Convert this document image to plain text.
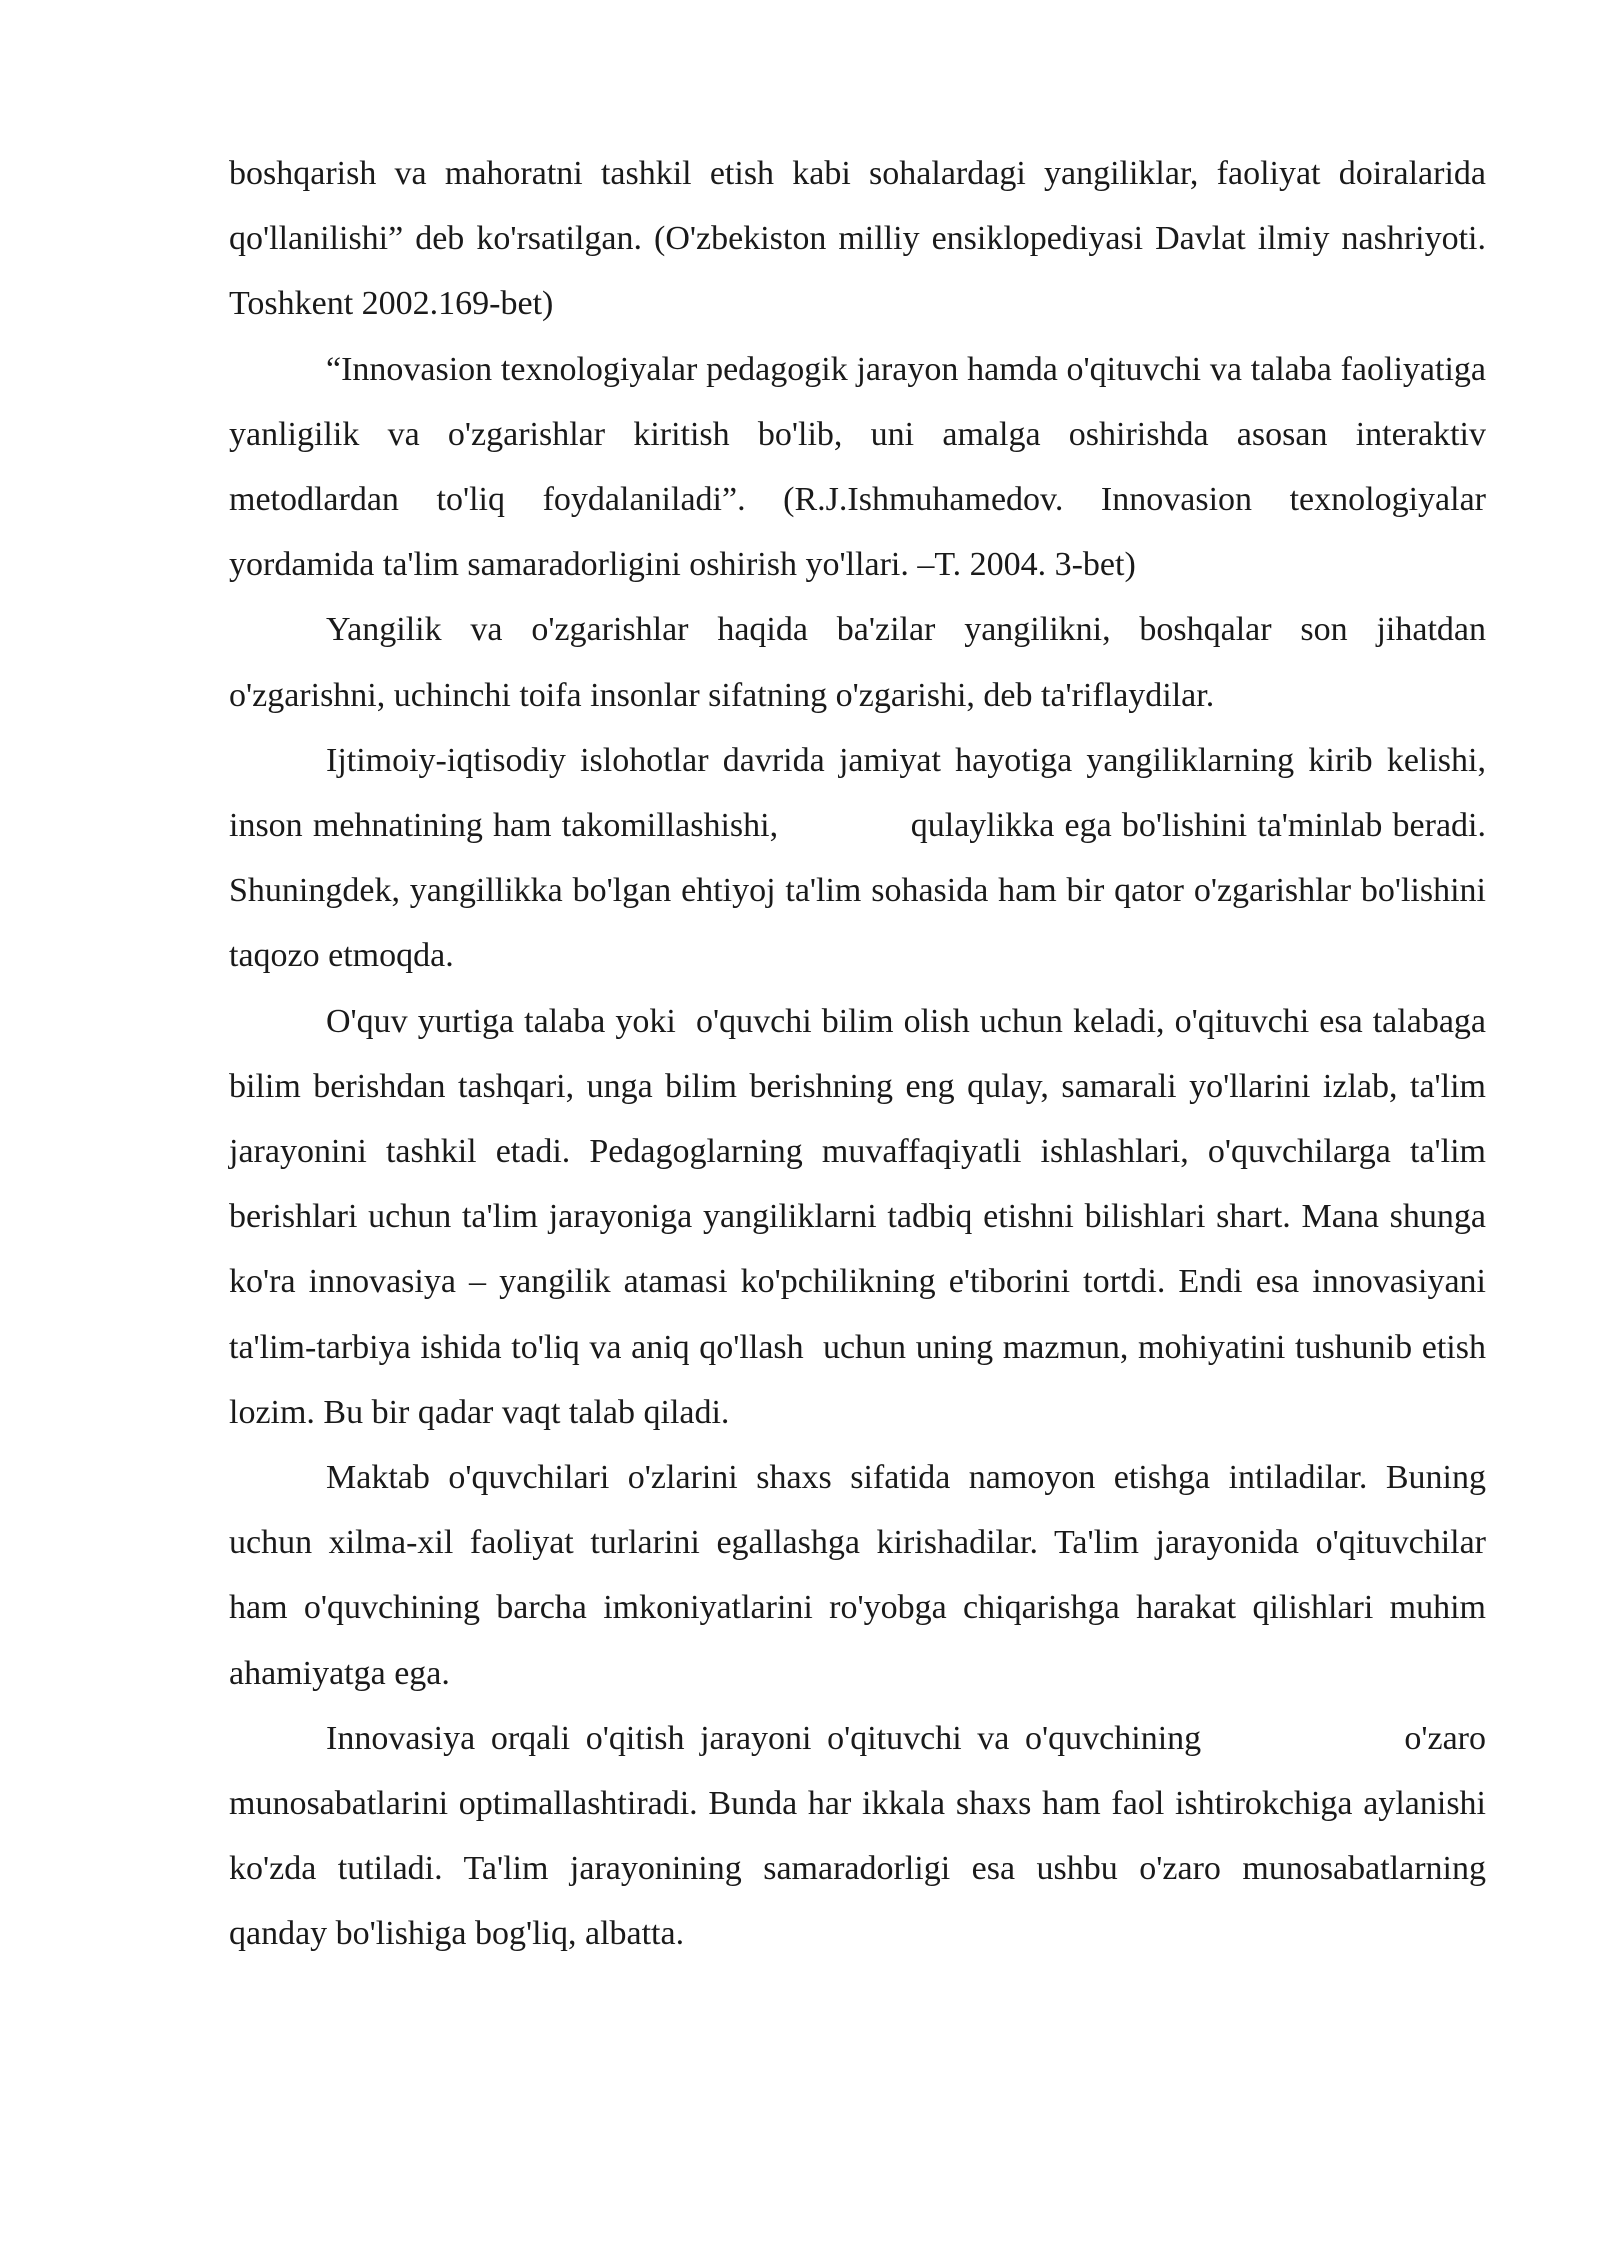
boshqarish va mahoratni tashkil etish kabi sohalardagi yangiliklar, faoliyat doiralarida qo'llanilishi” deb ko'rsatilgan. (O'zbekiston milliy ensiklopediyasi Davlat ilmiy nashriyoti. Toshkent 2002.169-bet)

“Innovasion texnologiyalar pedagogik jarayon hamda o'qituvchi va talaba faoliyatiga yanligilik va o'zgarishlar kiritish bo'lib, uni amalga oshirishda asosan interaktiv metodlardan to'liq foydalaniladi”. (R.J.Ishmuhamedov. Innovasion texnologiyalar yordamida ta'lim samaradorligini oshirish yo'llari. –T. 2004. 3-bet)

Yangilik va o'zgarishlar haqida ba'zilar yangilikni, boshqalar son jihatdan o'zgarishni, uchinchi toifa insonlar sifatning o'zgarishi, deb ta'riflaydilar.

Ijtimoiy-iqtisodiy islohotlar davrida jamiyat hayotiga yangiliklarning kirib kelishi, inson mehnatining ham takomillashishi,             qulaylikka ega bo'lishini ta'minlab beradi. Shuningdek, yangillikka bo'lgan ehtiyoj ta'lim sohasida ham bir qator o'zgarishlar bo'lishini taqozo etmoqda.

O'quv yurtiga talaba yoki  o'quvchi bilim olish uchun keladi, o'qituvchi esa talabaga bilim berishdan tashqari, unga bilim berishning eng qulay, samarali yo'llarini izlab, ta'lim jarayonini tashkil etadi. Pedagoglarning muvaffaqiyatli ishlashlari, o'quvchilarga ta'lim berishlari uchun ta'lim jarayoniga yangiliklarni tadbiq etishni bilishlari shart. Mana shunga ko'ra innovasiya – yangilik atamasi ko'pchilikning e'tiborini tortdi. Endi esa innovasiyani ta'lim-tarbiya ishida to'liq va aniq qo'llash  uchun uning mazmun, mohiyatini tushunib etish lozim. Bu bir qadar vaqt talab qiladi.

Maktab o'quvchilari o'zlarini shaxs sifatida namoyon etishga intiladilar. Buning uchun xilma-xil faoliyat turlarini egallashga kirishadilar. Ta'lim jarayonida o'qituvchilar ham o'quvchining barcha imkoniyatlarini ro'yobga chiqarishga harakat qilishlari muhim ahamiyatga ega.

Innovasiya orqali o'qitish jarayoni o'qituvchi va o'quvchining             o'zaro munosabatlarini optimallashtiradi. Bunda har ikkala shaxs ham faol ishtirokchiga aylanishi ko'zda tutiladi. Ta'lim jarayonining samaradorligi esa ushbu o'zaro munosabatlarning qanday bo'lishiga bog'liq, albatta.
